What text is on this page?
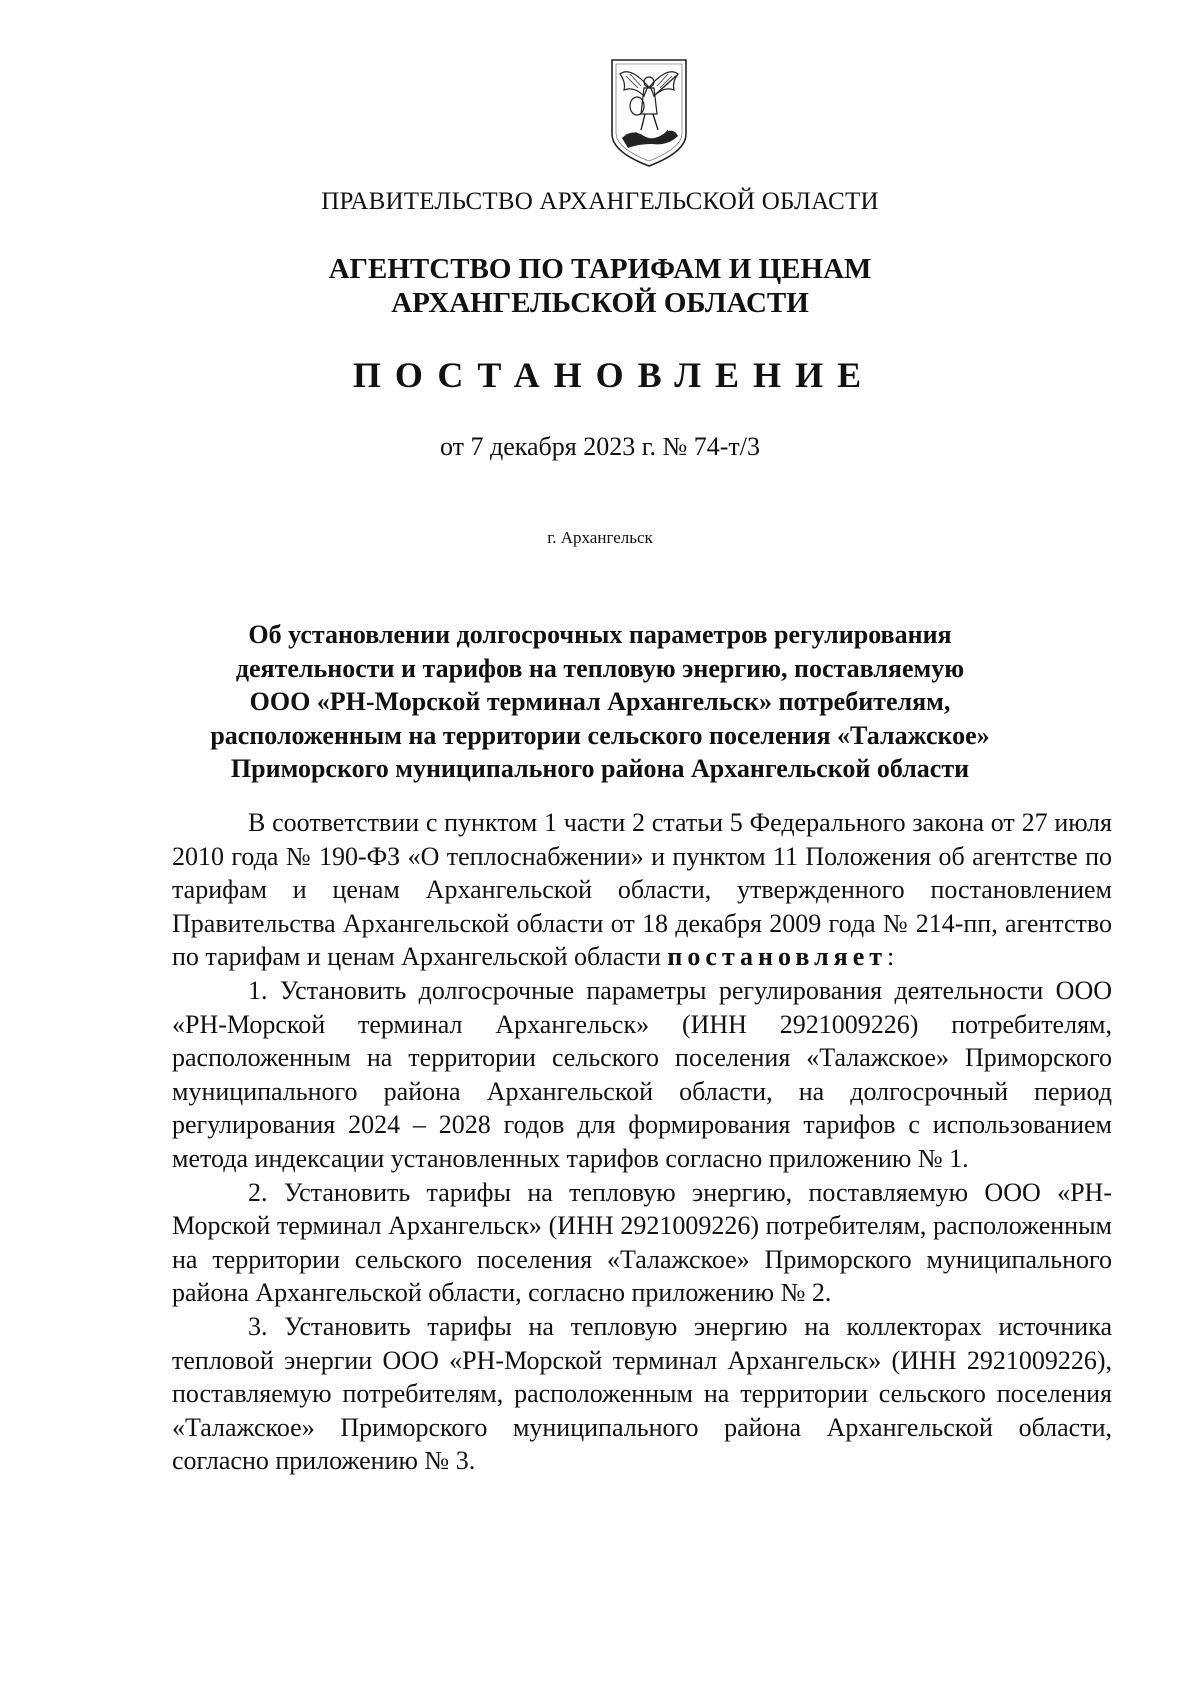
ПРАВИТЕЛЬСТВО АРХАНГЕЛЬСКОЙ ОБЛАСТИ
АГЕНТСТВО ПО ТАРИФАМ И ЦЕНАМ
АРХАНГЕЛЬСКОЙ ОБЛАСТИ
ПОСТАНОВЛЕНИЕ
от 7 декабря 2023 г. № 74-т/3
г. Архангельск
Об установлении долгосрочных параметров регулирования
деятельности и тарифов на тепловую энергию, поставляемую
ООО «РН-Морской терминал Архангельск» потребителям,
расположенным на территории сельского поселения «Талажское»
Приморского муниципального района Архангельской области

В соответствии с пунктом 1 части 2 статьи 5 Федерального закона от 27 июля 2010 года № 190-ФЗ «О теплоснабжении» и пунктом 11 Положения об агентстве по тарифам и ценам Архангельской области, утвержденного постановлением Правительства Архангельской области от 18 декабря 2009 года № 214-пп, агентство по тарифам и ценам Архангельской области постановляет:

1. Установить долгосрочные параметры регулирования деятельности ООО «РН-Морской терминал Архангельск» (ИНН 2921009226) потребителям, расположенным на территории сельского поселения «Талажское» Приморского муниципального района Архангельской области, на долгосрочный период регулирования 2024 – 2028 годов для формирования тарифов с использованием метода индексации установленных тарифов согласно приложению № 1.

2. Установить тарифы на тепловую энергию, поставляемую ООО «РН-Морской терминал Архангельск» (ИНН 2921009226) потребителям, расположенным на территории сельского поселения «Талажское» Приморского муниципального района Архангельской области, согласно приложению № 2.

3. Установить тарифы на тепловую энергию на коллекторах источника тепловой энергии ООО «РН-Морской терминал Архангельск» (ИНН 2921009226), поставляемую потребителям, расположенным на территории сельского поселения «Талажское» Приморского муниципального района Архангельской области, согласно приложению № 3.
